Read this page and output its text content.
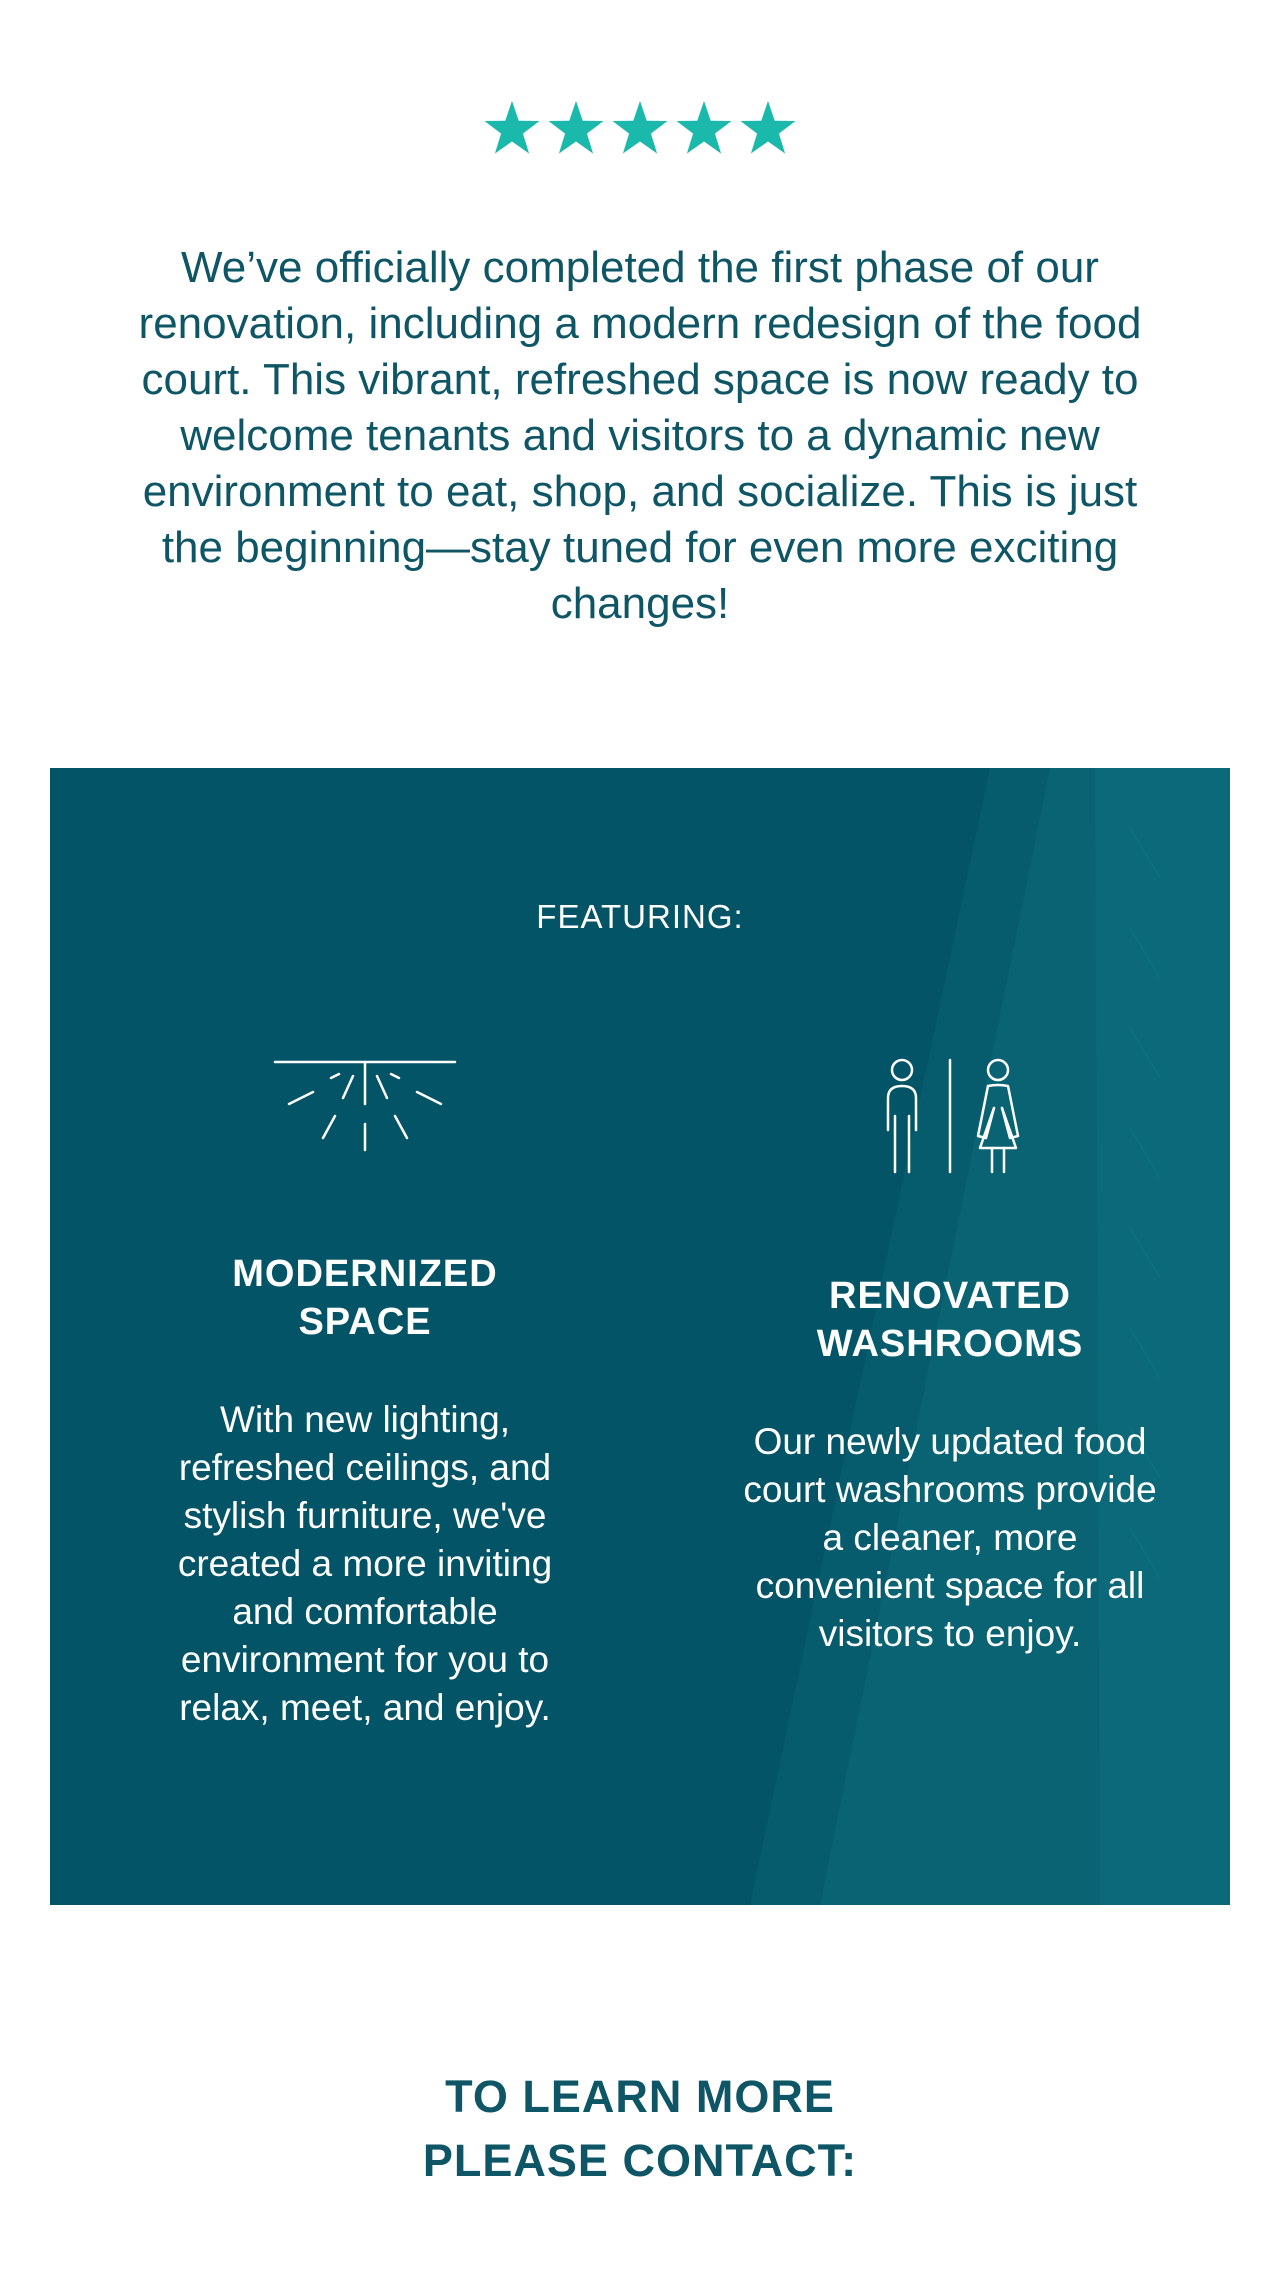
We’ve officially completed the first phase of our renovation, including a modern redesign of the food court. This vibrant, refreshed space is now ready to welcome tenants and visitors to a dynamic new environment to eat, shop, and socialize. This is just the beginning—stay tuned for even more exciting changes!

FEATURING:
MODERNIZED SPACE

With new lighting, refreshed ceilings, and stylish furniture, we've created a more inviting and comfortable environment for you to relax, meet, and enjoy.

RENOVATED WASHROOMS

Our newly updated food court washrooms provide a cleaner, more convenient space for all visitors to enjoy.

TO LEARN MORE
PLEASE CONTACT:
